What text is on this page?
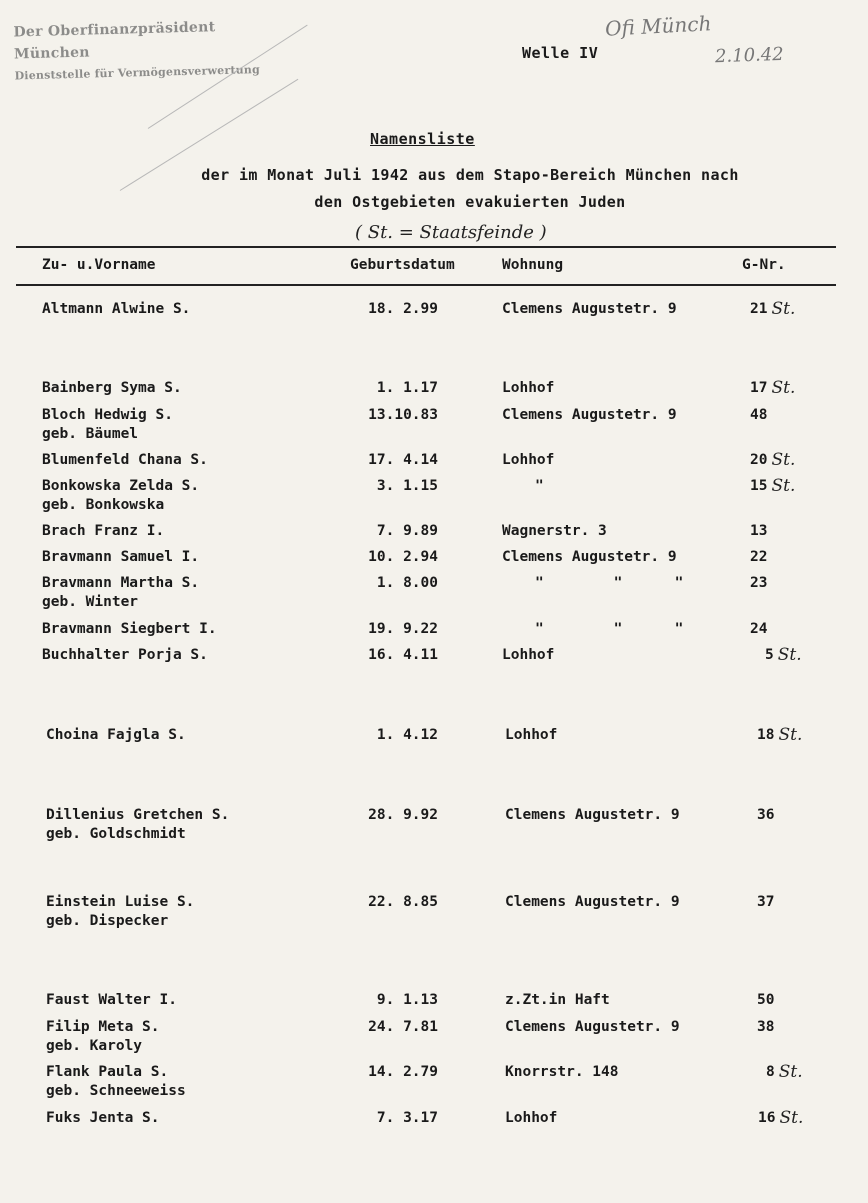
Der Oberfinanzpräsident München
Dienststelle für Vermögensverwertung
Welle IV
Ofi Münch
2.10.42
Namensliste
der im Monat Juli 1942 aus dem Stapo-Bereich München nach
den Ostgebieten evakuierten Juden
( St. = Staatsfeinde )
Zu- u.Vorname	Geburtsdatum	Wohnung	G-Nr.
Altmann Alwine S.	18. 2.99	Clemens Augustetr. 9	21 St.
Bainberg Syma S.	1. 1.17	Lohhof	17 St.
Bloch Hedwig S.
geb. Bäumel
13.10.83	Clemens Augustetr. 9	48
Blumenfeld Chana S.	17. 4.14	Lohhof	20 St.
Bonkowska Zelda S.
geb. Bonkowska
3. 1.15	"	15 St.
Brach Franz I.	7. 9.89	Wagnerstr. 3	13
Bravmann Samuel I.	10. 2.94	Clemens Augustetr. 9	22
Bravmann Martha S.
geb. Winter
1. 8.00	"        "      "	23
Bravmann Siegbert I.	19. 9.22	"        "      "	24
Buchhalter Porja S.	16. 4.11	Lohhof	5 St.
Choina Fajgla S.	1. 4.12	Lohhof	18 St.
Dillenius Gretchen S.
geb. Goldschmidt
28. 9.92	Clemens Augustetr. 9	36
Einstein Luise S.
geb. Dispecker
22. 8.85	Clemens Augustetr. 9	37
Faust Walter I.	9. 1.13	z.Zt.in Haft	50
Filip Meta S.
geb. Karoly
24. 7.81	Clemens Augustetr. 9	38
Flank Paula S.
geb. Schneeweiss
14. 2.79	Knorrstr. 148	8 St.
Fuks Jenta S.	7. 3.17	Lohhof	16 St.
